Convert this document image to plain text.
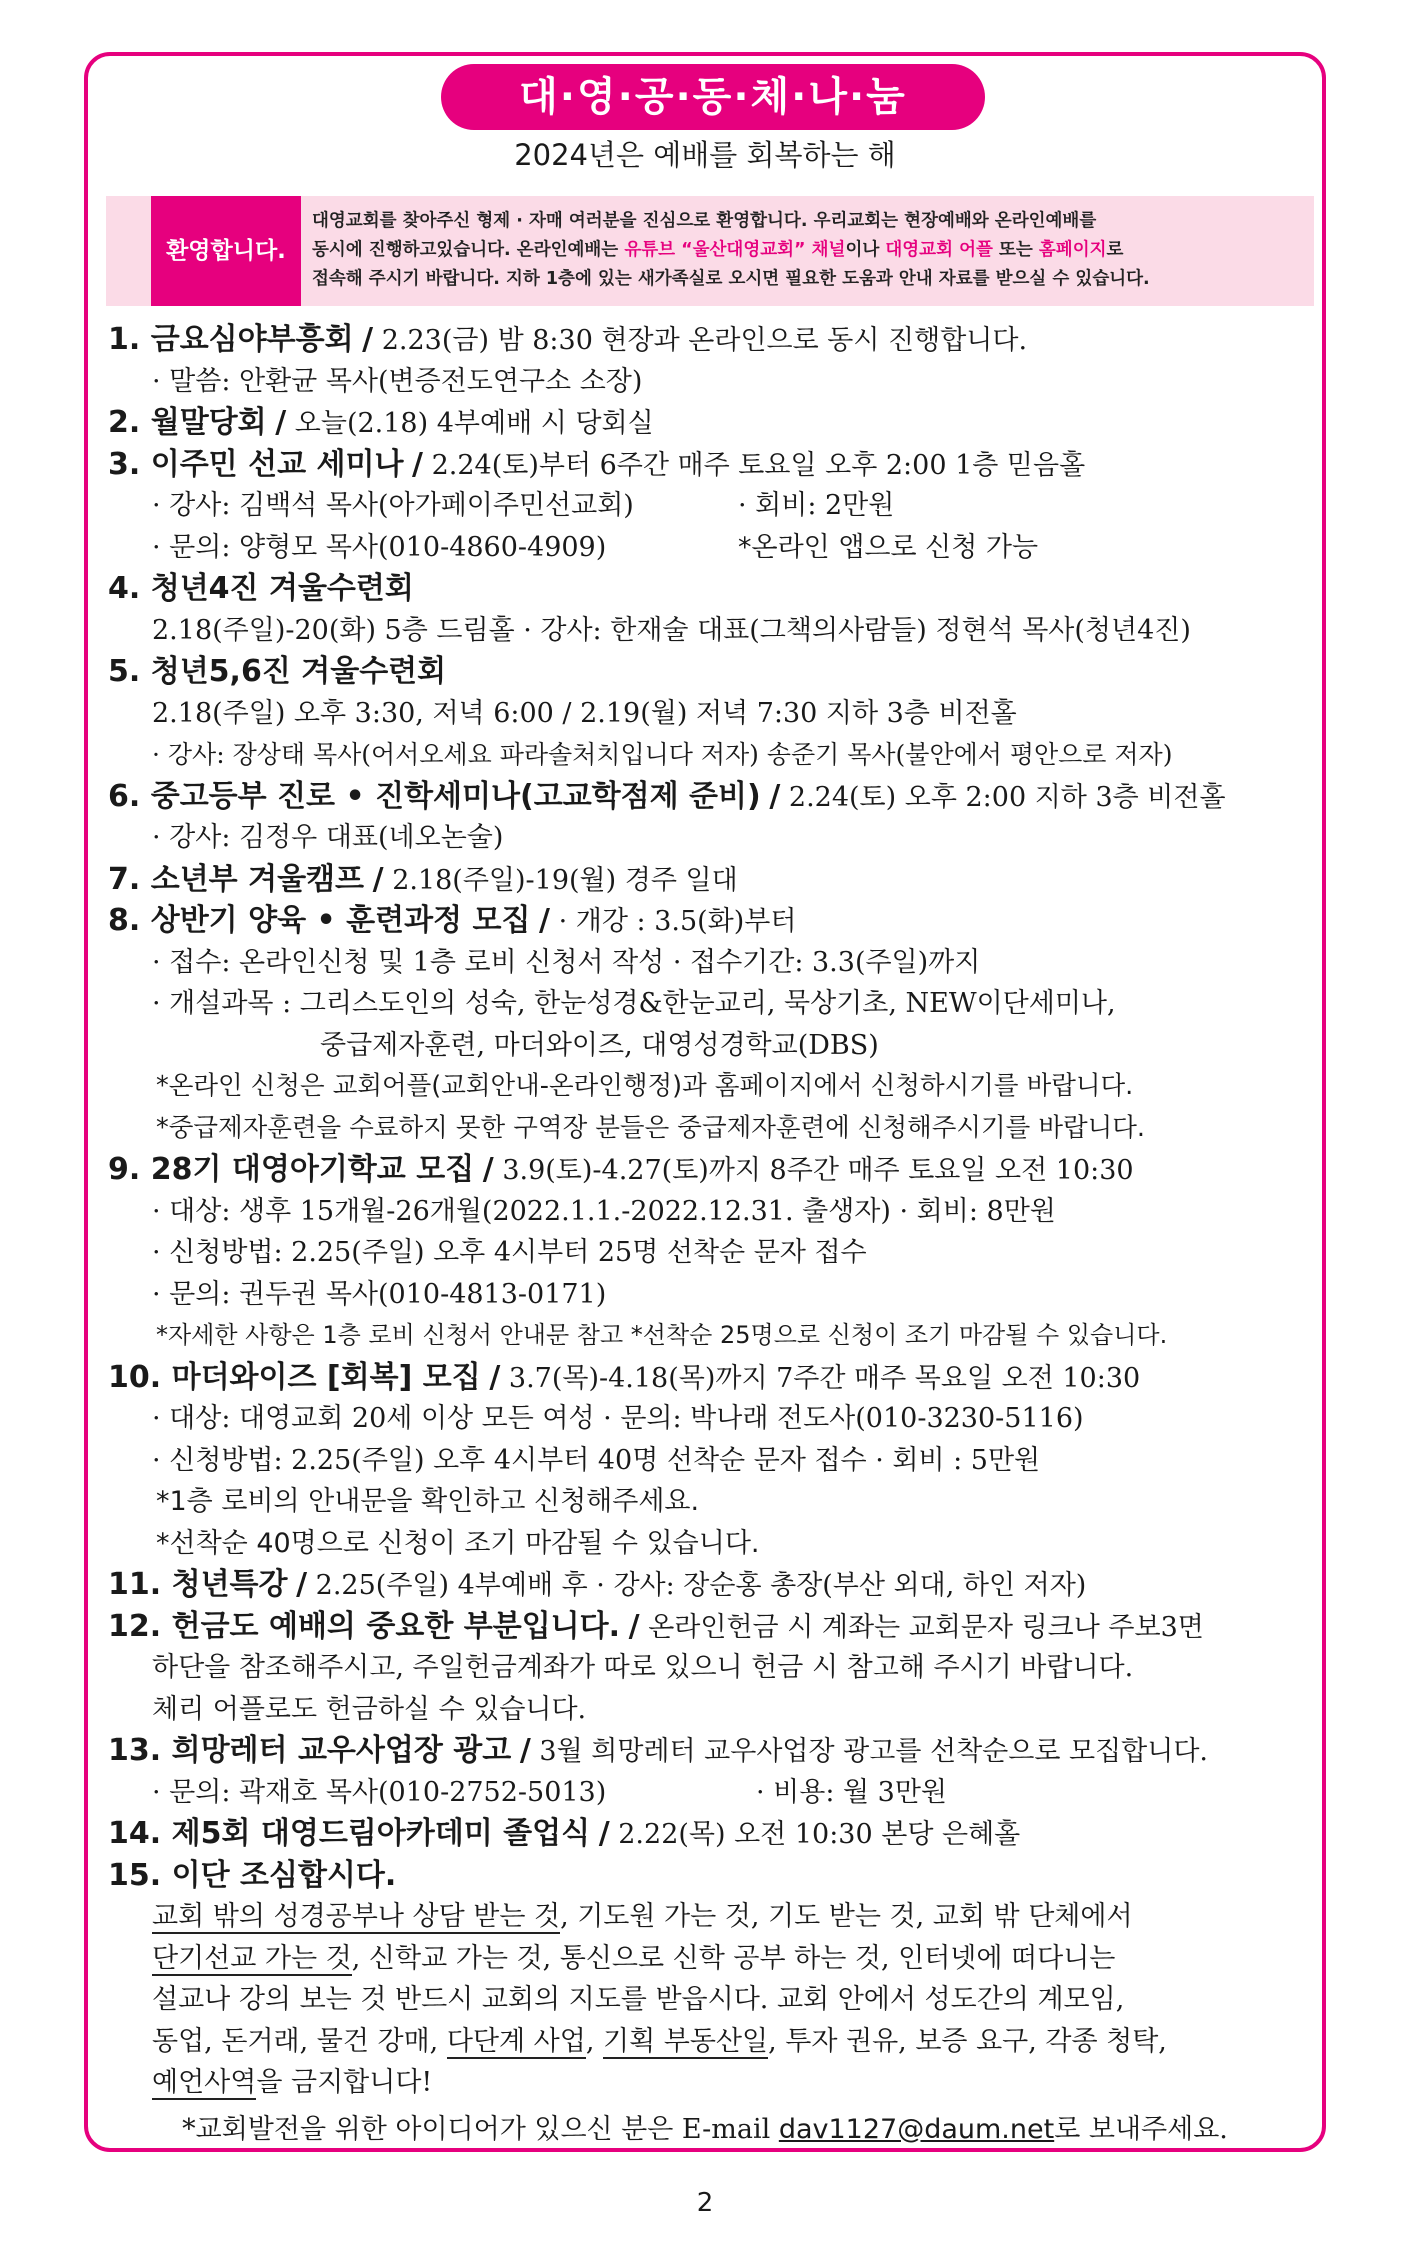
대·영·공·동·체·나·눔
2024년은 예배를 회복하는 해
환영합니다.
대영교회를 찾아주신 형제 · 자매 여러분을 진심으로 환영합니다. 우리교회는 현장예배와 온라인예배를
동시에 진행하고있습니다. 온라인예배는 유튜브 “울산대영교회” 채널이나 대영교회 어플 또는 홈페이지로
접속해 주시기 바랍니다. 지하 1층에 있는 새가족실로 오시면 필요한 도움과 안내 자료를 받으실 수 있습니다.
1. 금요심야부흥회 / 2.23(금) 밤 8:30 현장과 온라인으로 동시 진행합니다.
· 말씀: 안환균 목사(변증전도연구소 소장)
2. 월말당회 / 오늘(2.18) 4부예배 시 당회실
3. 이주민 선교 세미나 / 2.24(토)부터 6주간 매주 토요일 오후 2:00 1층 믿음홀
· 강사: 김백석 목사(아가페이주민선교회)	· 회비: 2만원
· 문의: 양형모 목사(010-4860-4909)	*온라인 앱으로 신청 가능
4. 청년4진 겨울수련회
2.18(주일)-20(화) 5층 드림홀 · 강사: 한재술 대표(그책의사람들) 정현석 목사(청년4진)
5. 청년5,6진 겨울수련회
2.18(주일) 오후 3:30, 저녁 6:00 / 2.19(월) 저녁 7:30 지하 3층 비전홀
· 강사: 장상태 목사(어서오세요 파라솔처치입니다 저자) 송준기 목사(불안에서 평안으로 저자)
6. 중고등부 진로 • 진학세미나(고교학점제 준비) / 2.24(토) 오후 2:00 지하 3층 비전홀
· 강사: 김정우 대표(네오논술)
7. 소년부 겨울캠프 / 2.18(주일)-19(월) 경주 일대
8. 상반기 양육 • 훈련과정 모집 / · 개강 : 3.5(화)부터
· 접수: 온라인신청 및 1층 로비 신청서 작성 · 접수기간: 3.3(주일)까지
· 개설과목 : 그리스도인의 성숙, 한눈성경&한눈교리, 묵상기초, NEW이단세미나,
중급제자훈련, 마더와이즈, 대영성경학교(DBS)
*온라인 신청은 교회어플(교회안내-온라인행정)과 홈페이지에서 신청하시기를 바랍니다.
*중급제자훈련을 수료하지 못한 구역장 분들은 중급제자훈련에 신청해주시기를 바랍니다.
9. 28기 대영아기학교 모집 / 3.9(토)-4.27(토)까지 8주간 매주 토요일 오전 10:30
· 대상: 생후 15개월-26개월(2022.1.1.-2022.12.31. 출생자) · 회비: 8만원
· 신청방법: 2.25(주일) 오후 4시부터 25명 선착순 문자 접수
· 문의: 권두권 목사(010-4813-0171)
*자세한 사항은 1층 로비 신청서 안내문 참고 *선착순 25명으로 신청이 조기 마감될 수 있습니다.
10. 마더와이즈 [회복] 모집 / 3.7(목)-4.18(목)까지 7주간 매주 목요일 오전 10:30
· 대상: 대영교회 20세 이상 모든 여성 · 문의: 박나래 전도사(010-3230-5116)
· 신청방법: 2.25(주일) 오후 4시부터 40명 선착순 문자 접수 · 회비 : 5만원
*1층 로비의 안내문을 확인하고 신청해주세요.
*선착순 40명으로 신청이 조기 마감될 수 있습니다.
11. 청년특강 / 2.25(주일) 4부예배 후 · 강사: 장순홍 총장(부산 외대, 하인 저자)
12. 헌금도 예배의 중요한 부분입니다. / 온라인헌금 시 계좌는 교회문자 링크나 주보3면
하단을 참조해주시고, 주일헌금계좌가 따로 있으니 헌금 시 참고해 주시기 바랍니다.
체리 어플로도 헌금하실 수 있습니다.
13. 희망레터 교우사업장 광고 / 3월 희망레터 교우사업장 광고를 선착순으로 모집합니다.
· 문의: 곽재호 목사(010-2752-5013)	· 비용: 월 3만원
14. 제5회 대영드림아카데미 졸업식 / 2.22(목) 오전 10:30 본당 은혜홀
15. 이단 조심합시다.
교회 밖의 성경공부나 상담 받는 것, 기도원 가는 것, 기도 받는 것, 교회 밖 단체에서
단기선교 가는 것, 신학교 가는 것, 통신으로 신학 공부 하는 것, 인터넷에 떠다니는
설교나 강의 보는 것 반드시 교회의 지도를 받읍시다. 교회 안에서 성도간의 계모임,
동업, 돈거래, 물건 강매, 다단계 사업, 기획 부동산일, 투자 권유, 보증 요구, 각종 청탁,
예언사역을 금지합니다!
*교회발전을 위한 아이디어가 있으신 분은 E-mail dav1127@daum.net로 보내주세요.
2
